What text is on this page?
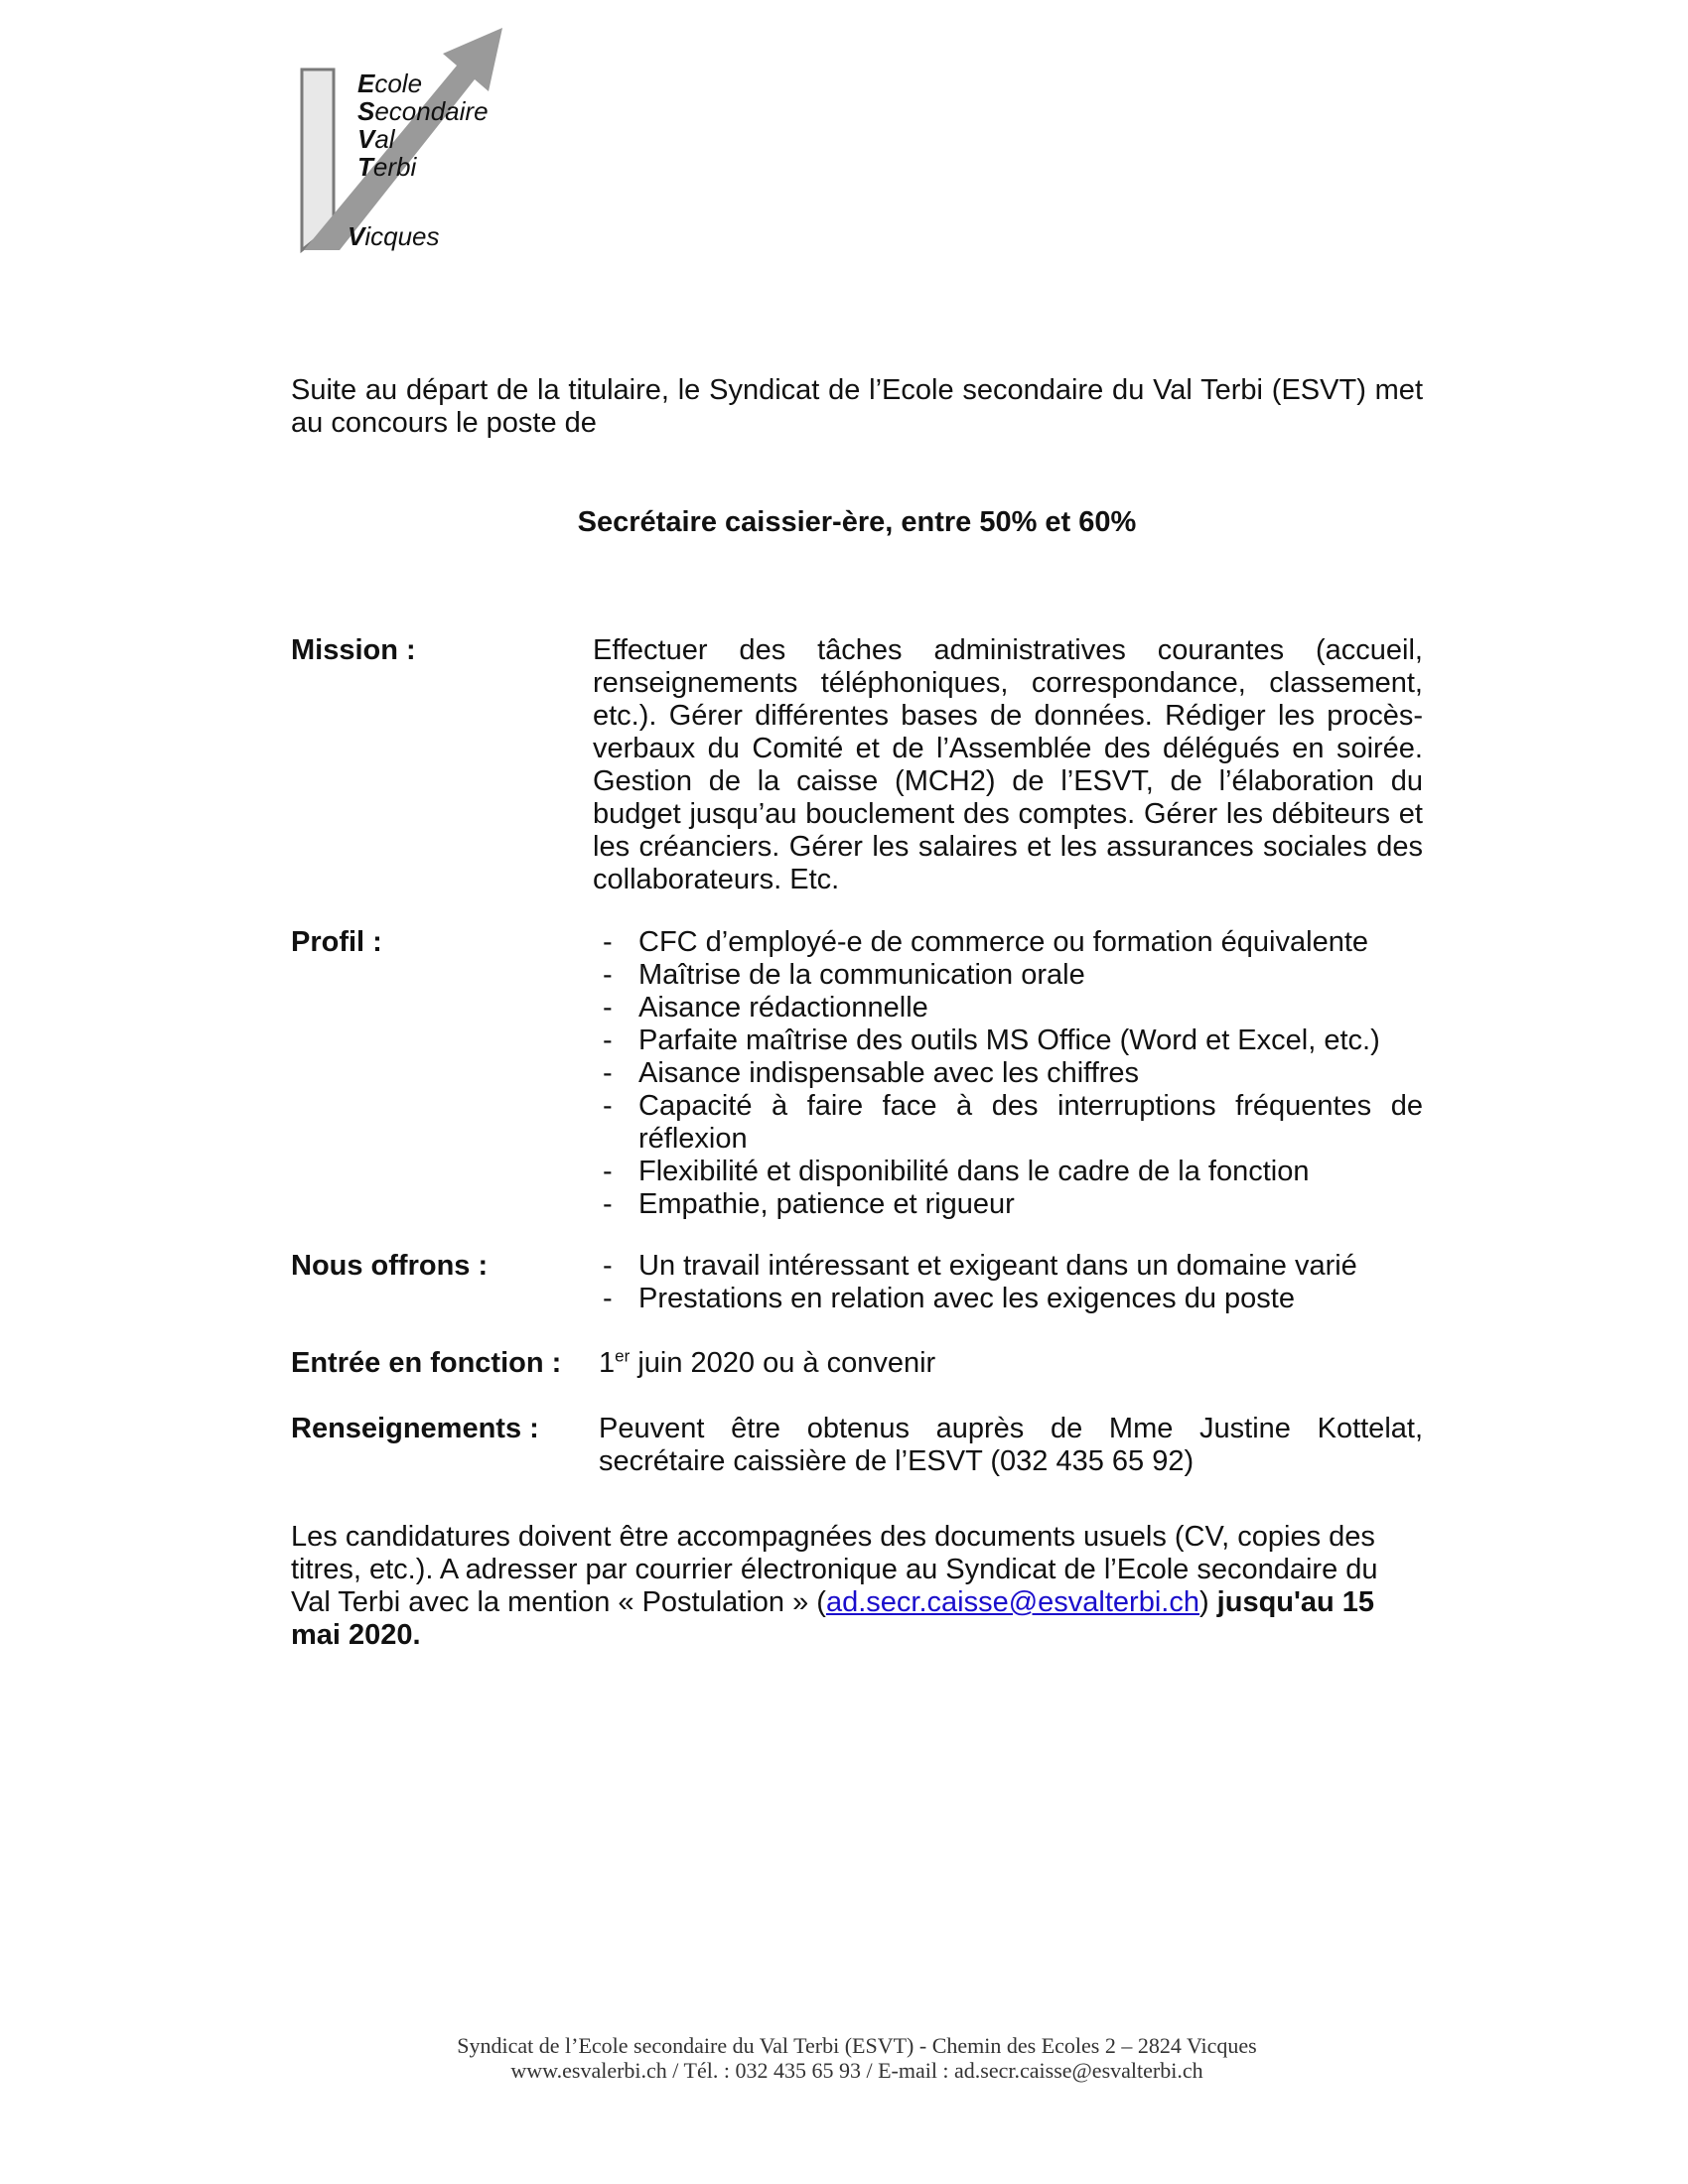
Ecole
Secondaire
Val
Terbi
Vicques
Suite au départ de la titulaire, le Syndicat de l’Ecole secondaire du Val Terbi (ESVT) met au concours le poste de
Secrétaire caissier-ère, entre 50% et 60%
Mission :	Effectuer des tâches administratives courantes (accueil, renseignements téléphoniques, correspondance, classement, etc.). Gérer différentes bases de données. Rédiger les procès-verbaux du Comité et de l’Assemblée des délégués en soirée. Gestion de la caisse (MCH2) de l’ESVT, de l’élaboration du budget jusqu’au bouclement des comptes. Gérer les débiteurs et les créanciers. Gérer les salaires et les assurances sociales des collaborateurs. Etc.
Profil :	- CFC d’employé-e de commerce ou formation équivalente
- Maîtrise de la communication orale
- Aisance rédactionnelle
- Parfaite maîtrise des outils MS Office (Word et Excel, etc.)
- Aisance indispensable avec les chiffres
- Capacité à faire face à des interruptions fréquentes de réflexion
- Flexibilité et disponibilité dans le cadre de la fonction
- Empathie, patience et rigueur
Nous offrons :	- Un travail intéressant et exigeant dans un domaine varié
- Prestations en relation avec les exigences du poste
Entrée en fonction : 1er juin 2020 ou à convenir
Renseignements : Peuvent être obtenus auprès de Mme Justine Kottelat, secrétaire caissière de l’ESVT (032 435 65 92)
Les candidatures doivent être accompagnées des documents usuels (CV, copies des titres, etc.). A adresser par courrier électronique au Syndicat de l’Ecole secondaire du Val Terbi avec la mention « Postulation » (ad.secr.caisse@esvalterbi.ch) jusqu'au 15 mai 2020.
Syndicat de l’Ecole secondaire du Val Terbi (ESVT) - Chemin des Ecoles 2 – 2824 Vicques
www.esvalerbi.ch / Tél. : 032 435 65 93 / E-mail : ad.secr.caisse@esvalterbi.ch
